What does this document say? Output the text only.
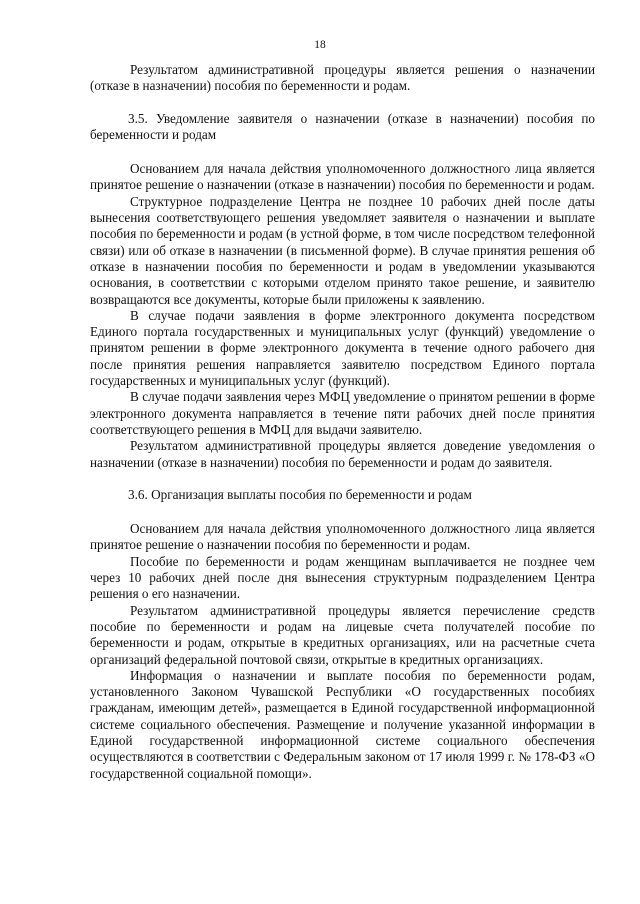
18

Результатом административной процедуры является решения о назначении (отказе в назначении) пособия по беременности и родам.

3.5. Уведомление заявителя о назначении (отказе в назначении) пособия по беременности и родам

Основанием для начала действия уполномоченного должностного лица является принятое решение о назначении (отказе в назначении) пособия по беременности и родам.

Структурное подразделение Центра не позднее 10 рабочих дней после даты вынесения соответствующего решения уведомляет заявителя о назначении и выплате пособия по беременности и родам (в устной форме, в том числе посредством телефонной связи) или об отказе в назначении (в письменной форме). В случае принятия решения об отказе в назначении пособия по беременности и родам в уведомлении указываются основания, в соответствии с которыми отделом принято такое решение, и заявителю возвращаются все документы, которые были приложены к заявлению.

В случае подачи заявления в форме электронного документа посредством Единого портала государственных и муниципальных услуг (функций) уведомление о принятом решении в форме электронного документа в течение одного рабочего дня после принятия решения направляется заявителю посредством Единого портала государственных и муниципальных услуг (функций).

В случае подачи заявления через МФЦ уведомление о принятом решении в форме электронного документа направляется в течение пяти рабочих дней после принятия соответствующего решения в МФЦ для выдачи заявителю.

Результатом административной процедуры является доведение уведомления о назначении (отказе в назначении) пособия по беременности и родам до заявителя.

3.6. Организация выплаты пособия по беременности и родам

Основанием для начала действия уполномоченного должностного лица является принятое решение о назначении пособия по беременности и родам.

Пособие по беременности и родам женщинам выплачивается не позднее чем через 10 рабочих дней после дня вынесения структурным подразделением Центра решения о его назначении.

Результатом административной процедуры является перечисление средств пособие по беременности и родам на лицевые счета получателей пособие по беременности и родам, открытые в кредитных организациях, или на расчетные счета организаций федеральной почтовой связи, открытые в кредитных организациях.

Информация о назначении и выплате пособия по беременности родам, установленного Законом Чувашской Республики «О государственных пособиях гражданам, имеющим детей», размещается в Единой государственной информационной системе социального обеспечения. Размещение и получение указанной информации в Единой государственной информационной системе социального обеспечения осуществляются в соответствии с Федеральным законом от 17 июля 1999 г. № 178-ФЗ «О государственной социальной помощи».
